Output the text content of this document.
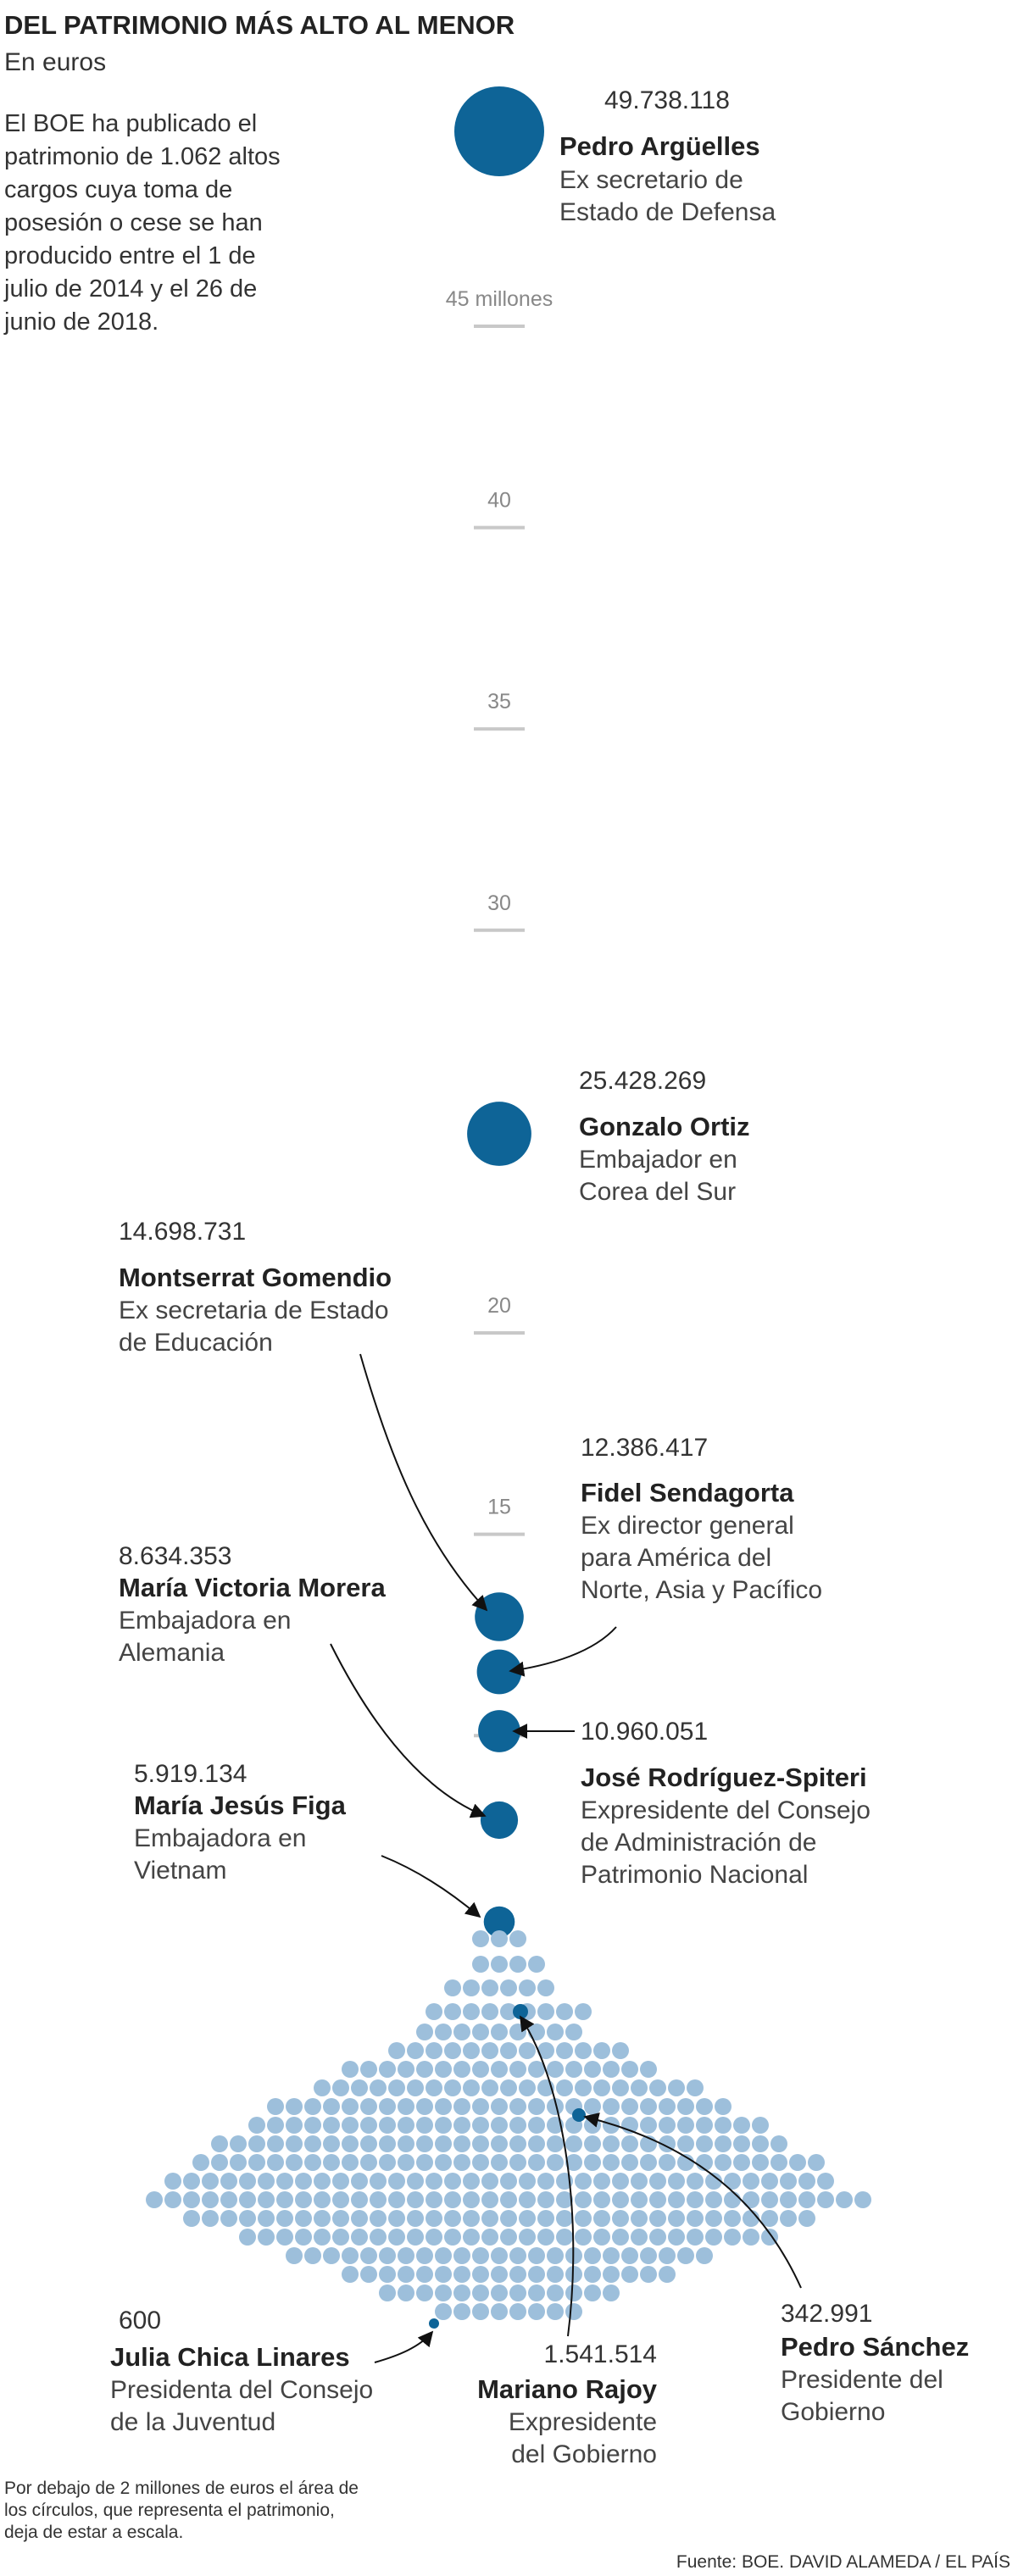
DEL PATRIMONIO MÁS ALTO AL MENOR
En euros
El BOE ha publicado el
patrimonio de 1.062 altos
cargos cuya toma de
posesión o cese se han
producido entre el 1 de
julio de 2014 y el 26 de
junio de 2018.
45 millones
40
35
30
20
15
49.738.118
Pedro Argüelles
Ex secretario de
Estado de Defensa
25.428.269
Gonzalo Ortiz
Embajador en
Corea del Sur
14.698.731
Montserrat Gomendio
Ex secretaria de Estado
de Educación
12.386.417
Fidel Sendagorta
Ex director general
para América del
Norte, Asia y Pacífico
10.960.051
José Rodríguez-Spiteri
Expresidente del Consejo
de Administración de
Patrimonio Nacional
8.634.353
María Victoria Morera
Embajadora en
Alemania
5.919.134
María Jesús Figa
Embajadora en
Vietnam
1.541.514
Mariano Rajoy
Expresidente
del Gobierno
342.991
Pedro Sánchez
Presidente del
Gobierno
600
Julia Chica Linares
Presidenta del Consejo
de la Juventud
Por debajo de 2 millones de euros el área de
los círculos, que representa el patrimonio,
deja de estar a escala.
Fuente: BOE. DAVID ALAMEDA / EL PAÍS
